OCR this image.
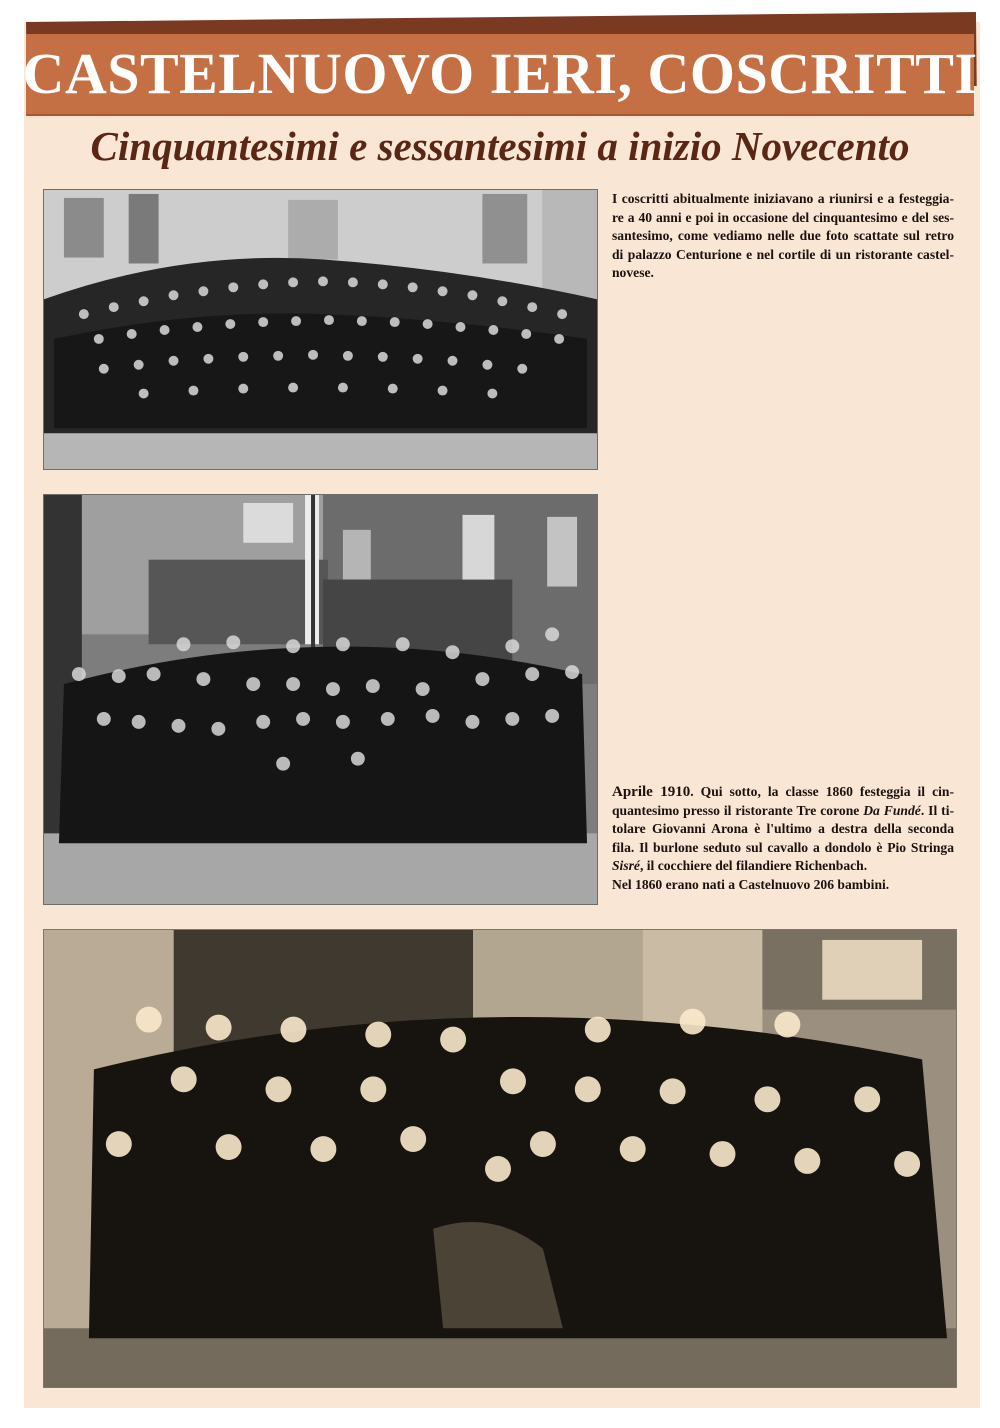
CASTELNUOVO IERI, COSCRITTI
Cinquantesimi e sessantesimi a inizio Novecento
I coscritti abitualmente iniziavano a riunirsi e a festeggia-re a 40 anni e poi in occasione del cinquantesimo e del ses-santesimo, come vediamo nelle due foto scattate sul retro di palazzo Centurione e nel cortile di un ristorante castel-novese.
Aprile 1910. Qui sotto, la classe 1860 festeggia il cin-quantesimo presso il ristorante Tre corone Da Fundé. Il ti-tolare Giovanni Arona è l'ultimo a destra della seconda fila. Il burlone seduto sul cavallo a dondolo è Pio Stringa Sisré, il cocchiere del filandiere Richenbach.
Nel 1860 erano nati a Castelnuovo 206 bambini.
